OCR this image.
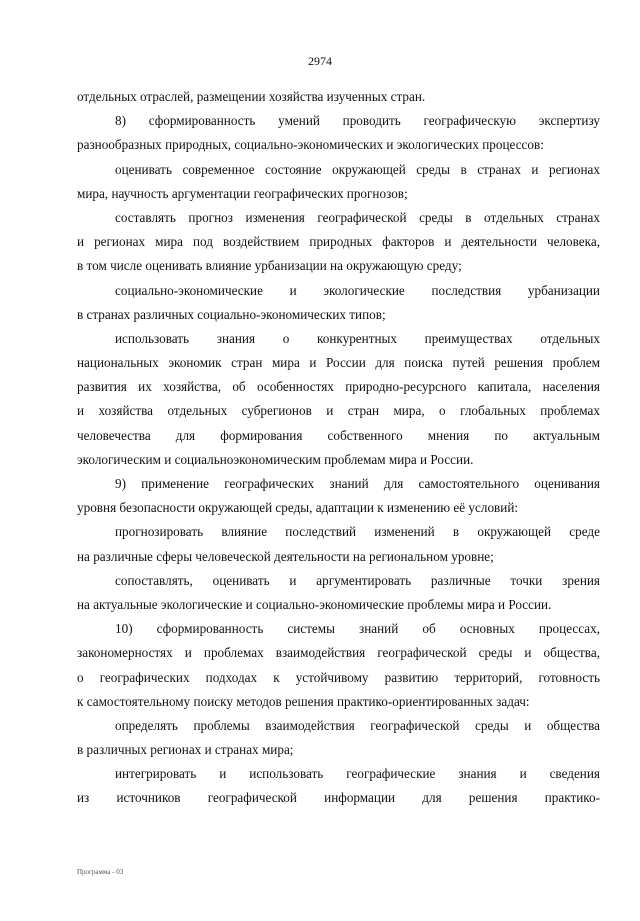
2974
отдельных отраслей, размещении хозяйства изученных стран.
8) сформированность умений проводить географическую экспертизу
разнообразных природных, социально-экономических и экологических процессов:
оценивать современное состояние окружающей среды в странах и регионах
мира, научность аргументации географических прогнозов;
составлять прогноз изменения географической среды в отдельных странах
и регионах мира под воздействием природных факторов и деятельности человека,
в том числе оценивать влияние урбанизации на окружающую среду;
социально-экономические и экологические последствия урбанизации
в странах различных социально-экономических типов;
использовать знания о конкурентных преимуществах отдельных
национальных экономик стран мира и России для поиска путей решения проблем
развития их хозяйства, об особенностях природно-ресурсного капитала, населения
и хозяйства отдельных субрегионов и стран мира, о глобальных проблемах
человечества для формирования собственного мнения по актуальным
экологическим и социальноэкономическим проблемам мира и России.
9) применение географических знаний для самостоятельного оценивания
уровня безопасности окружающей среды, адаптации к изменению её условий:
прогнозировать влияние последствий изменений в окружающей среде
на различные сферы человеческой деятельности на региональном уровне;
сопоставлять, оценивать и аргументировать различные точки зрения
на актуальные экологические и социально-экономические проблемы мира и России.
10) сформированность системы знаний об основных процессах,
закономерностях и проблемах взаимодействия географической среды и общества,
о географических подходах к устойчивому развитию территорий, готовность
к самостоятельному поиску методов решения практико-ориентированных задач:
определять проблемы взаимодействия географической среды и общества
в различных регионах и странах мира;
интегрировать и использовать географические знания и сведения
из источников географической информации для решения практико-
Программа - 03
